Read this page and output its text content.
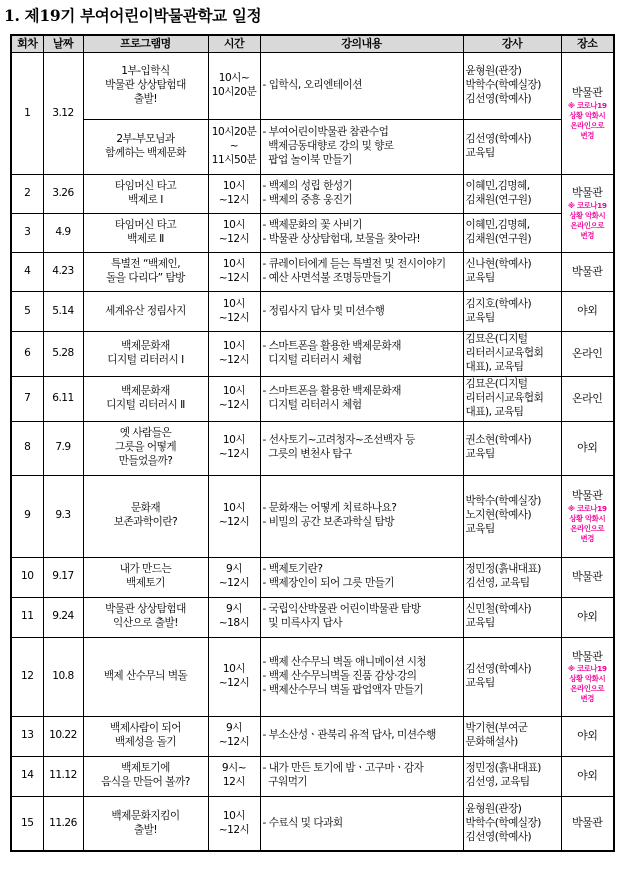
1. 제19기 부여어린이박물관학교 일정
회차	날짜	프로그램명	시간	강의내용	강사	장소
1	3.12	1부-입학식
박물관 상상탐험대
출발!	10시~
10시20분	- 입학식, 오리엔테이션	윤형원(관장)
박학수(학예실장)
김선영(학예사)	박물관
※ 코로나19
상황 악화시
온라인으로
변경

		2부-부모님과
함께하는 백제문화	10시20분
~
11시50분	- 부여어린이박물관 참관수업
백제금동대향로 강의 및 향로
팝업 놀이북 만들기	김선영(학예사)
교육팀	

2	3.26	타임머신 타고
백제로 Ⅰ	10시
~12시	- 백제의 성립 한성기
- 백제의 중흥 웅진기	이혜민,김명혜,
김채원(연구원)	박물관
※ 코로나19
상황 악화시
온라인으로
변경

3	4.9	타임머신 타고
백제로 Ⅱ	10시
~12시	- 백제문화의 꽃 사비기
- 박물관 상상탐험대, 보물을 찾아라!	이혜민,김명혜,
김채원(연구원)	

4	4.23	특별전 “백제인,
돌을 다리다” 탐방	10시
~12시	- 큐레이터에게 듣는 특별전 및 전시이야기
- 예산 사면석불 조명등만들기	신나현(학예사)
교육팀	박물관

5	5.14	세계유산 정림사지	10시
~12시	- 정림사지 답사 및 미션수행	김지호(학예사)
교육팀	야외

6	5.28	백제문화재
디지털 리터러시 Ⅰ	10시
~12시	- 스마트폰을 활용한 백제문화재
디지털 리터러시 체험	김묘은(디지털
리터러시교육협회
대표), 교육팀	온라인

7	6.11	백제문화재
디지털 리터러시 Ⅱ	10시
~12시	- 스마트폰을 활용한 백제문화재
디지털 리터러시 체험	김묘은(디지털
리터러시교육협회
대표), 교육팀	온라인

8	7.9	옛 사람들은
그릇을 어떻게
만들었을까?	10시
~12시	- 선사토기~고려청자~조선백자 등
그릇의 변천사 탐구	권소현(학예사)
교육팀	야외

9	9.3	문화재
보존과학이란?	10시
~12시	- 문화재는 어떻게 치료하나요?
- 비밀의 공간 보존과학실 탐방	박학수(학예실장)
노지현(학예사)
교육팀	박물관
※ 코로나19
상황 악화시
온라인으로
변경

10	9.17	내가 만드는
백제토기	9시
~12시	- 백제토기란?
- 백제장인이 되어 그릇 만들기	정민정(흙내대표)
김선영, 교육팀	박물관

11	9.24	박물관 상상탐험대
익산으로 출발!	9시
~18시	- 국립익산박물관 어린이박물관 탐방
및 미륵사지 답사	신민철(학예사)
교육팀	야외

12	10.8	백제 산수무늬 벽돌	10시
~12시	- 백제 산수무늬 벽돌 애니메이션 시청
- 백제 산수무늬벽돌 진품 감상·강의
- 백제산수무늬 벽돌 팝업액자 만들기	김선영(학예사)
교육팀	박물관
※ 코로나19
상황 악화시
온라인으로
변경

13	10.22	백제사람이 되어
백제성을 돌기	9시
~12시	- 부소산성ㆍ관북리 유적 답사, 미션수행	박기현(부여군
문화해설사)	야외

14	11.12	백제토기에
음식을 만들어 볼까?	9시~
12시	- 내가 만든 토기에 밤ㆍ고구마ㆍ감자
구워먹기	정민정(흙내대표)
김선영, 교육팀	야외

15	11.26	백제문화지킴이
출발!	10시
~12시	- 수료식 및 다과회	윤형원(관장)
박학수(학예실장)
김선영(학예사)	박물관
